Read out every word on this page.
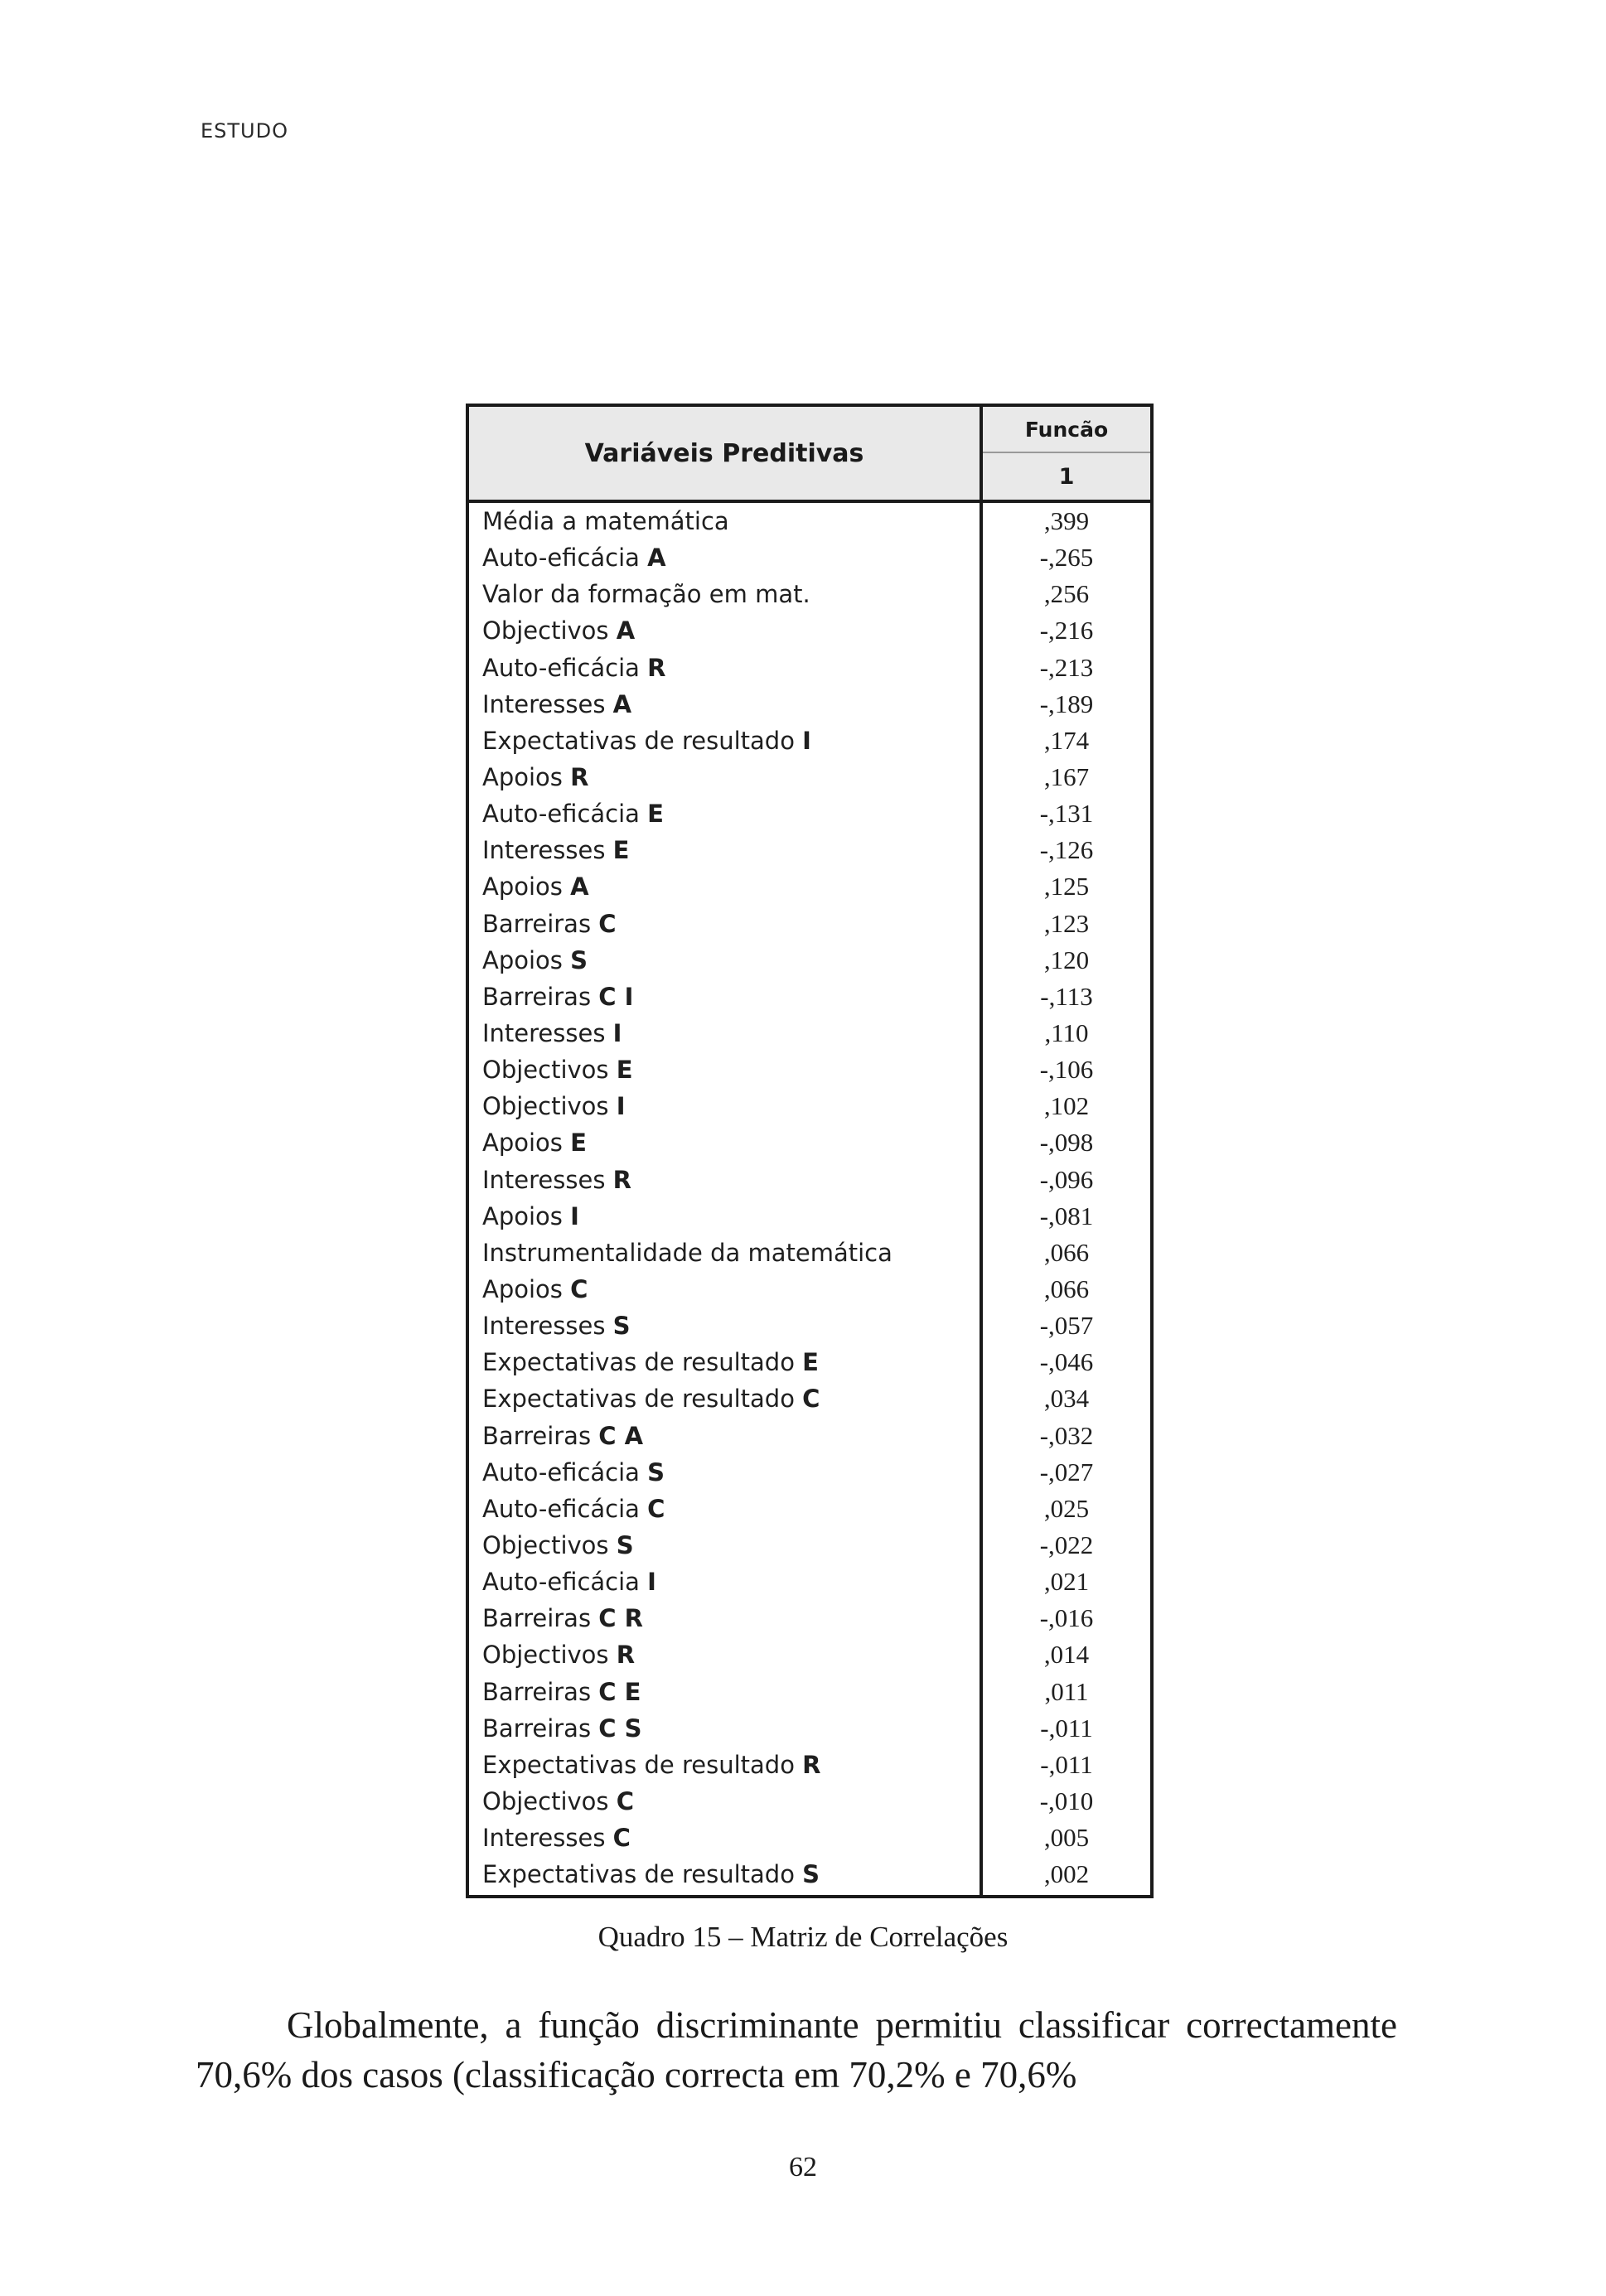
ESTUDO
Variáveis Preditivas
Funcão
1
Média a matemática	,399
Auto-eficácia A	-,265
Valor da formação em mat.	,256
Objectivos A	-,216
Auto-eficácia R	-,213
Interesses A	-,189
Expectativas de resultado I	,174
Apoios R	,167
Auto-eficácia E	-,131
Interesses E	-,126
Apoios A	,125
Barreiras C	,123
Apoios S	,120
Barreiras C I	-,113
Interesses I	,110
Objectivos E	-,106
Objectivos I	,102
Apoios E	-,098
Interesses R	-,096
Apoios I	-,081
Instrumentalidade da matemática	,066
Apoios C	,066
Interesses S	-,057
Expectativas de resultado E	-,046
Expectativas de resultado C	,034
Barreiras C A	-,032
Auto-eficácia S	-,027
Auto-eficácia C	,025
Objectivos S	-,022
Auto-eficácia I	,021
Barreiras C R	-,016
Objectivos R	,014
Barreiras C E	,011
Barreiras C S	-,011
Expectativas de resultado R	-,011
Objectivos C	-,010
Interesses C	,005
Expectativas de resultado S	,002
Quadro 15 – Matriz de Correlações
Globalmente, a função discriminante permitiu classificar correctamente 70,6% dos casos (classificação correcta em 70,2% e 70,6%
62
